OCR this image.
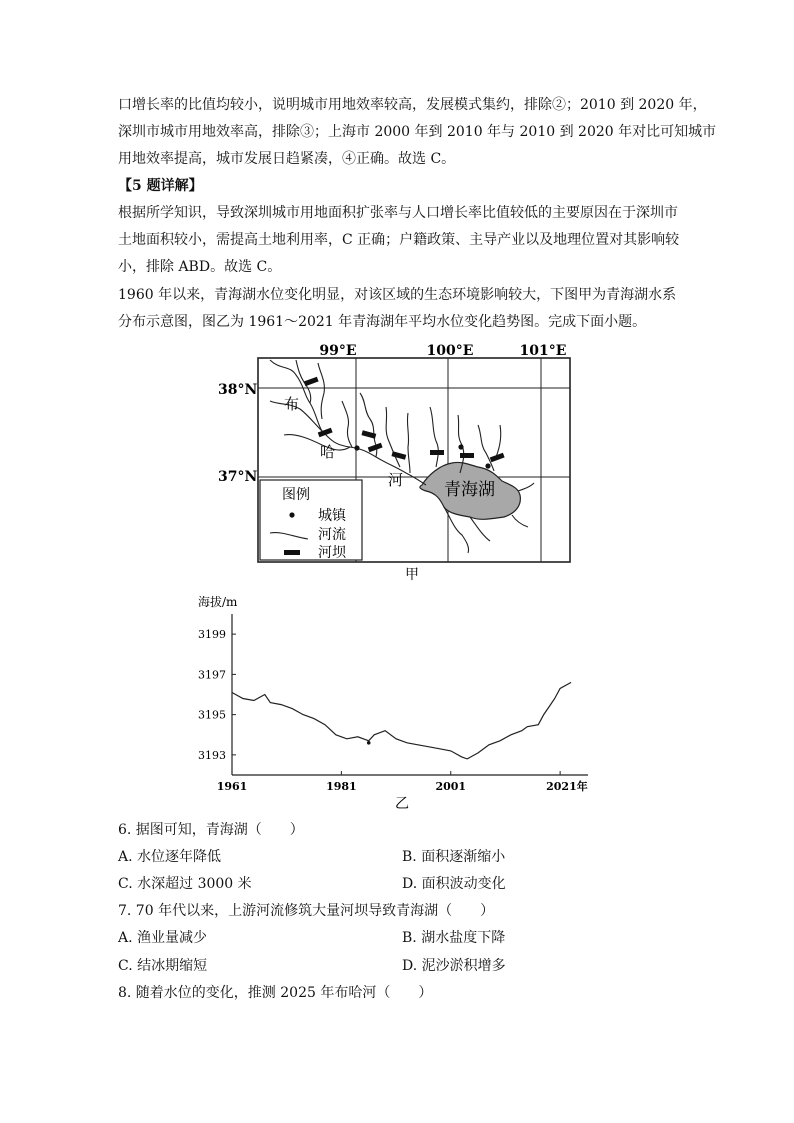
口增长率的比值均较小，说明城市用地效率较高，发展模式集约，排除②；2010 到 2020 年，
深圳市城市用地效率高，排除③；上海市 2000 年到 2010 年与 2010 到 2020 年对比可知城市
用地效率提高，城市发展日趋紧凑，④正确。故选 C。
【5 题详解】
根据所学知识，导致深圳城市用地面积扩张率与人口增长率比值较低的主要原因在于深圳市
土地面积较小，需提高土地利用率，C 正确；户籍政策、主导产业以及地理位置对其影响较
小，排除 ABD。故选 C。
1960 年以来，青海湖水位变化明显，对该区域的生态环境影响较大，下图甲为青海湖水系
分布示意图，图乙为 1961～2021 年青海湖年平均水位变化趋势图。完成下面小题。
99°E	100°E	101°E
38°N
37°N
青海湖
布
哈
河
图例
城镇
河流
河坝
甲
海拔/m
3193
3195
3197
3199
1961	1981	2001	2021年
乙
6. 据图可知，青海湖（　　）
A. 水位逐年降低	B. 面积逐渐缩小
C. 水深超过 3000 米	D. 面积波动变化
7. 70 年代以来，上游河流修筑大量河坝导致青海湖（　　）
A. 渔业量减少	B. 湖水盐度下降
C. 结冰期缩短	D. 泥沙淤积增多
8. 随着水位的变化，推测 2025 年布哈河（　　）
